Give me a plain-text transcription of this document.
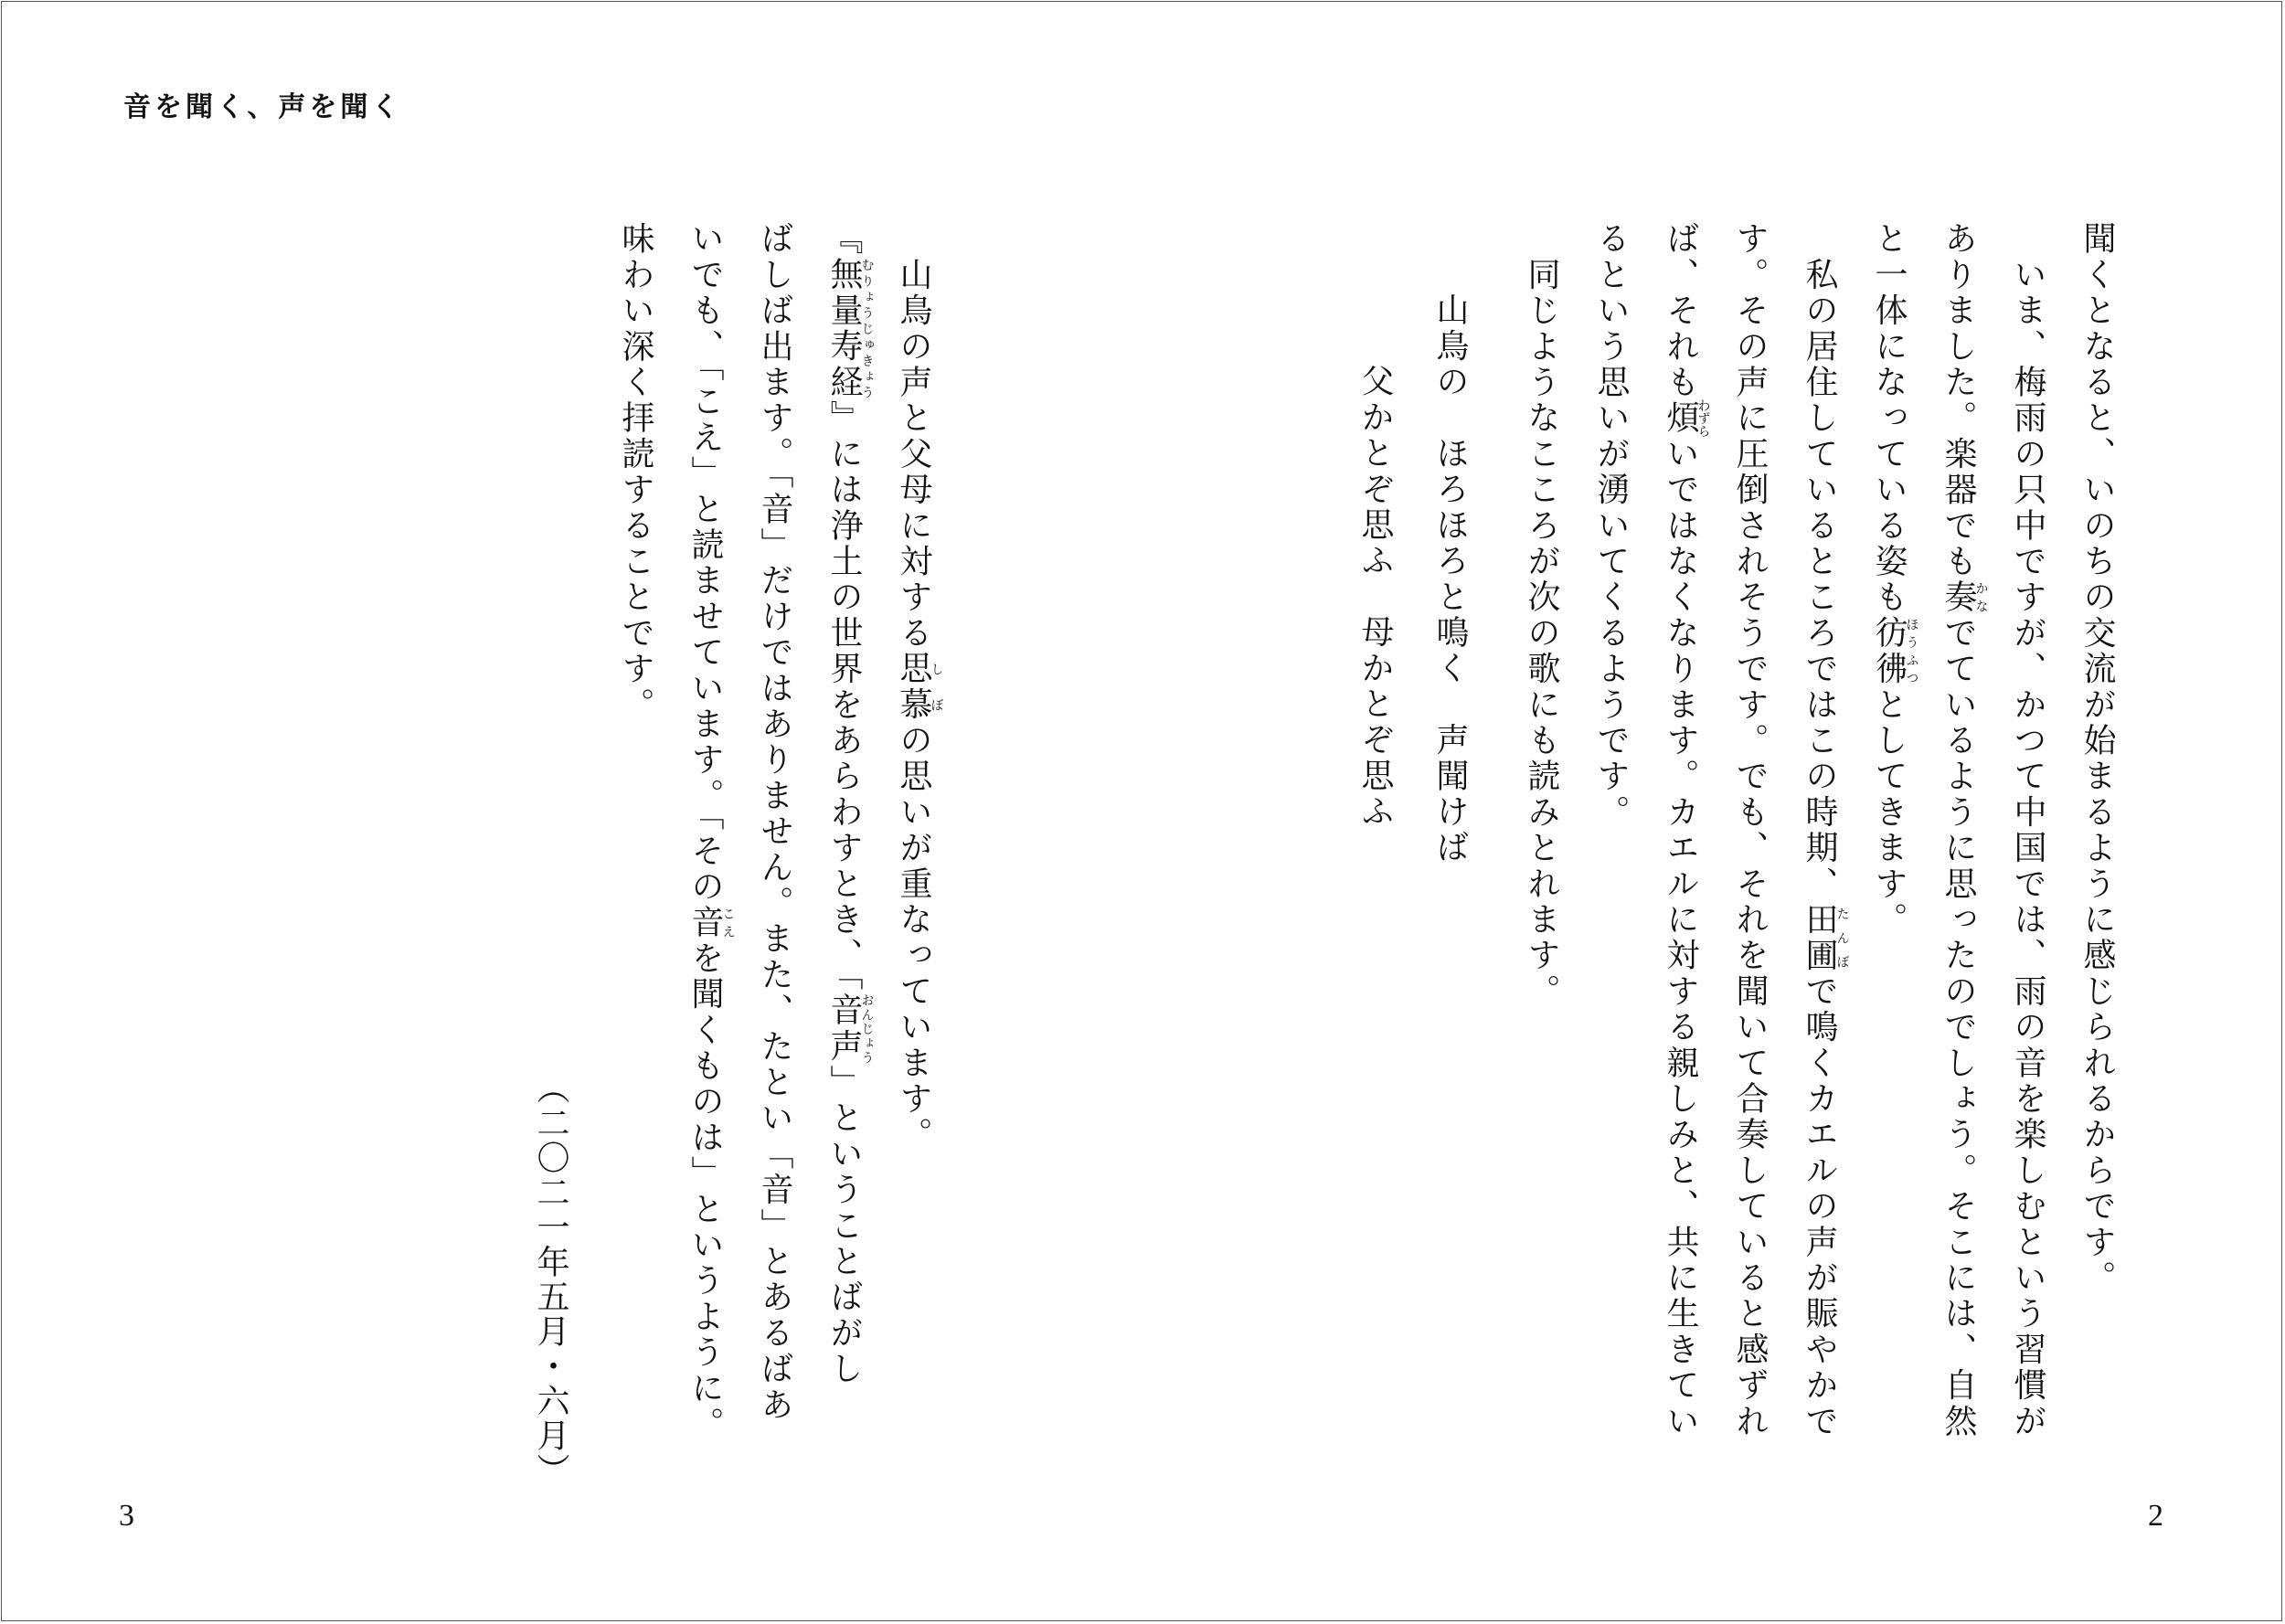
音を聞く、声を聞く
3	2
聞くとなると、いのちの交流が始まるように感じられるからです。
　いま、梅雨の只中ですが、かつて中国では、雨の音を楽しむという習慣が
ありました。楽器でも奏かなでているように思ったのでしょう。そこには、自然
と一体になっている姿も彷彿ほうふつとしてきます。
　私の居住しているところではこの時期、田圃たんぼで鳴くカエルの声が賑やかで
す。その声に圧倒されそうです。でも、それを聞いて合奏していると感ずれ
ば、それも煩わずらいではなくなります。カエルに対する親しみと、共に生きてい
るという思いが湧いてくるようです。
　同じようなこころが次の歌にも読みとれます。
山鳥の　ほろほろと鳴く　声聞けば
父かとぞ思ふ　母かとぞ思ふ
　山鳥の声と父母に対する思慕しぼの思いが重なっています。
『無量寿経むりょうじゅきょう』には浄土の世界をあらわすとき、「音声おんじょう」ということばがし
ばしば出ます。「音」だけではありません。また、たとい「音」とあるばあ
いでも、「こえ」と読ませています。「その音こえを聞くものは」というように。
味わい深く拝読することです。
（二〇二一年五月・六月）
